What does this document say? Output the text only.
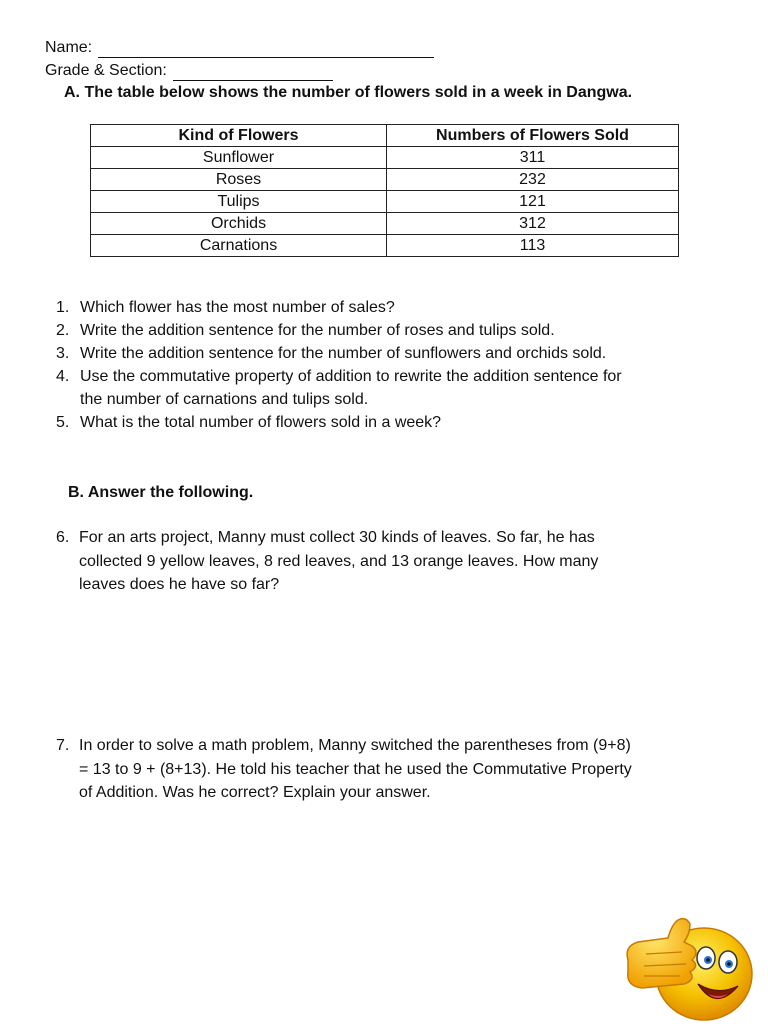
Name:
Grade & Section:
A. The table below shows the number of flowers sold in a week in Dangwa.
Kind of Flowers	Numbers of Flowers Sold
Sunflower	311
Roses	232
Tulips	121
Orchids	312
Carnations	113
1. Which flower has the most number of sales?
2. Write the addition sentence for the number of roses and tulips sold.
3. Write the addition sentence for the number of sunflowers and orchids sold.
4. Use the commutative property of addition to rewrite the addition sentence for
the number of carnations and tulips sold.
5. What is the total number of flowers sold in a week?
B. Answer the following.
6. For an arts project, Manny must collect 30 kinds of leaves. So far, he has
collected 9 yellow leaves, 8 red leaves, and 13 orange leaves. How many
leaves does he have so far?
7. In order to solve a math problem, Manny switched the parentheses from (9+8)
= 13 to 9 + (8+13). He told his teacher that he used the Commutative Property
of Addition. Was he correct? Explain your answer.
